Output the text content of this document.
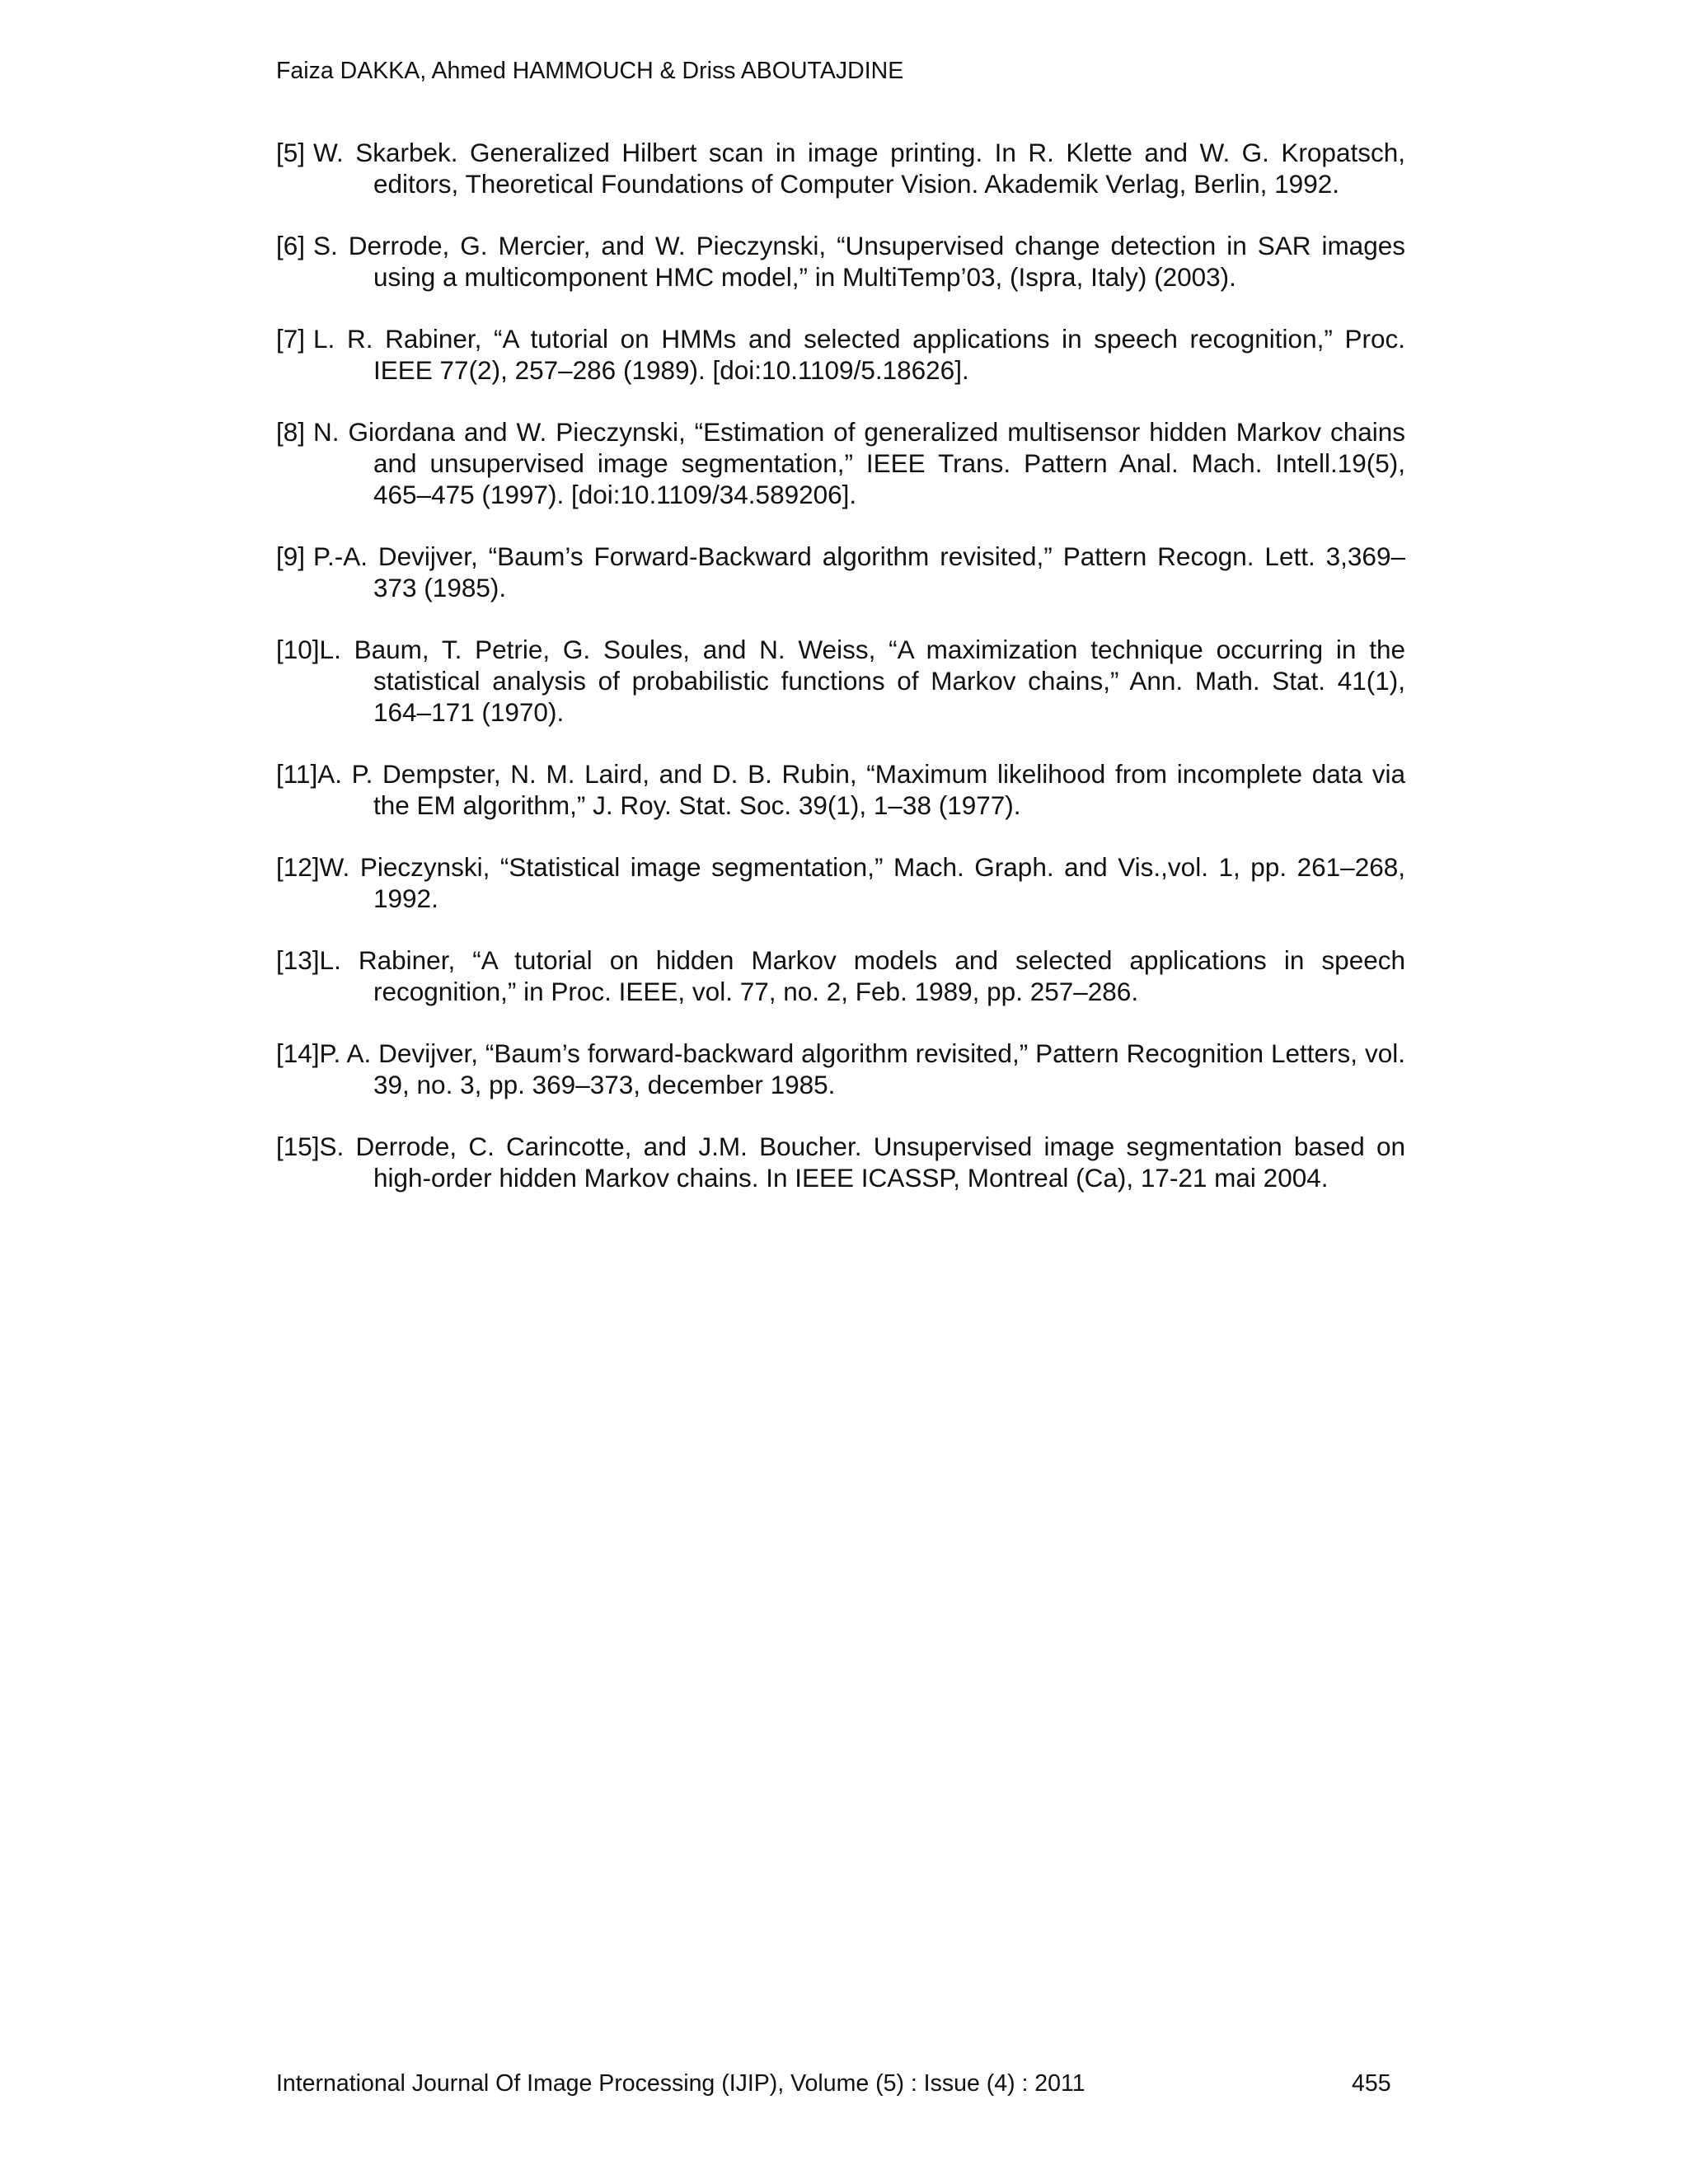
Faiza DAKKA, Ahmed HAMMOUCH & Driss ABOUTAJDINE
[5] W. Skarbek. Generalized Hilbert scan in image printing. In R. Klette and W. G. Kropatsch, editors, Theoretical Foundations of Computer Vision. Akademik Verlag, Berlin, 1992.
[6] S. Derrode, G. Mercier, and W. Pieczynski, “Unsupervised change detection in SAR images using a multicomponent HMC model,” in MultiTemp’03, (Ispra, Italy) (2003).
[7] L. R. Rabiner, “A tutorial on HMMs and selected applications in speech recognition,” Proc. IEEE 77(2), 257–286 (1989). [doi:10.1109/5.18626].
[8] N. Giordana and W. Pieczynski, “Estimation of generalized multisensor hidden Markov chains and unsupervised image segmentation,” IEEE Trans. Pattern Anal. Mach. Intell.19(5), 465–475 (1997). [doi:10.1109/34.589206].
[9] P.-A. Devijver, “Baum’s Forward-Backward algorithm revisited,” Pattern Recogn. Lett. 3,369–373 (1985).
[10]L. Baum, T. Petrie, G. Soules, and N. Weiss, “A maximization technique occurring in the statistical analysis of probabilistic functions of Markov chains,” Ann. Math. Stat. 41(1), 164–171 (1970).
[11]A. P. Dempster, N. M. Laird, and D. B. Rubin, “Maximum likelihood from incomplete data via the EM algorithm,” J. Roy. Stat. Soc. 39(1), 1–38 (1977).
[12]W. Pieczynski, “Statistical image segmentation,” Mach. Graph. and Vis.,vol. 1, pp. 261–268, 1992.
[13]L. Rabiner, “A tutorial on hidden Markov models and selected applications in speech recognition,” in Proc. IEEE, vol. 77, no. 2, Feb. 1989, pp. 257–286.
[14]P. A. Devijver, “Baum’s forward-backward algorithm revisited,” Pattern Recognition Letters, vol. 39, no. 3, pp. 369–373, december 1985.
[15]S. Derrode, C. Carincotte, and J.M. Boucher. Unsupervised image segmentation based on high-order hidden Markov chains. In IEEE ICASSP, Montreal (Ca), 17-21 mai 2004.
International Journal Of Image Processing (IJIP), Volume (5) : Issue (4) : 2011	455
